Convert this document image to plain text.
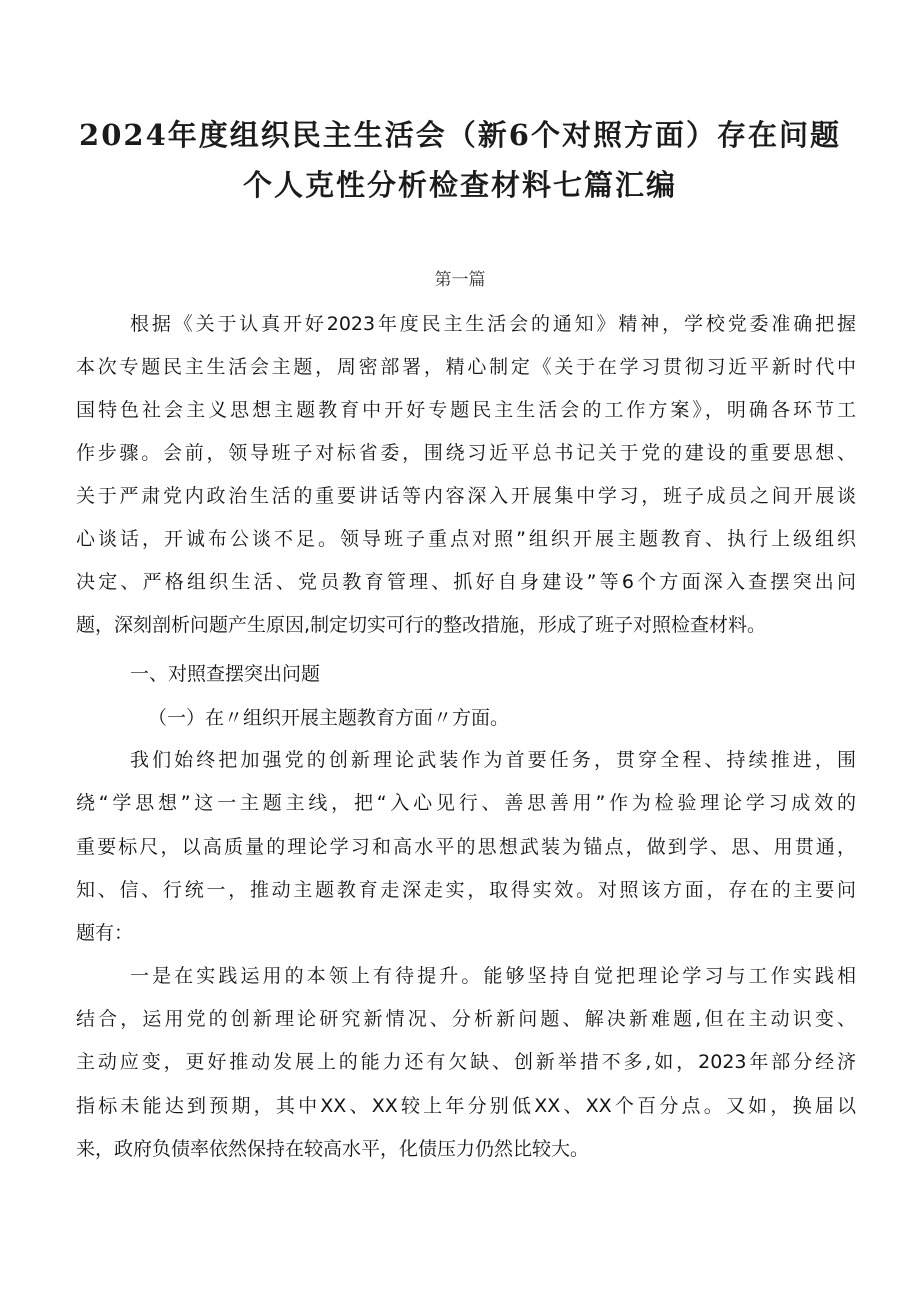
2024年度组织民主生活会（新6个对照方面）存在问题
个人克性分析检查材料七篇汇编
第一篇
根据《关于认真开好2023年度民主生活会的通知》精神，学校党委准确把握
本次专题民主生活会主题，周密部署，精心制定《关于在学习贯彻习近平新时代中
国特色社会主义思想主题教育中开好专题民主生活会的工作方案》，明确各环节工
作步骤。会前，领导班子对标省委，围绕习近平总书记关于党的建设的重要思想、
关于严肃党内政治生活的重要讲话等内容深入开展集中学习，班子成员之间开展谈
心谈话，开诚布公谈不足。领导班子重点对照”组织开展主题教育、执行上级组织
决定、严格组织生活、党员教育管理、抓好自身建设”等6个方面深入查摆突出问
题，深刻剖析问题产生原因,制定切实可行的整改措施，形成了班子对照检查材料。
一、对照查摆突出问题
（一）在〃组织开展主题教育方面〃方面。
我们始终把加强党的创新理论武装作为首要任务，贯穿全程、持续推进，围
绕“学思想”这一主题主线，把“入心见行、善思善用”作为检验理论学习成效的
重要标尺，以高质量的理论学习和高水平的思想武装为锚点，做到学、思、用贯通，
知、信、行统一，推动主题教育走深走实，取得实效。对照该方面，存在的主要问
题有：
一是在实践运用的本领上有待提升。能够坚持自觉把理论学习与工作实践相
结合，运用党的创新理论研究新情况、分析新问题、解决新难题,但在主动识变、
主动应变，更好推动发展上的能力还有欠缺、创新举措不多,如，2023年部分经济
指标未能达到预期，其中XX、XX较上年分别低XX、XX个百分点。又如，换届以
来，政府负债率依然保持在较高水平，化债压力仍然比较大。
